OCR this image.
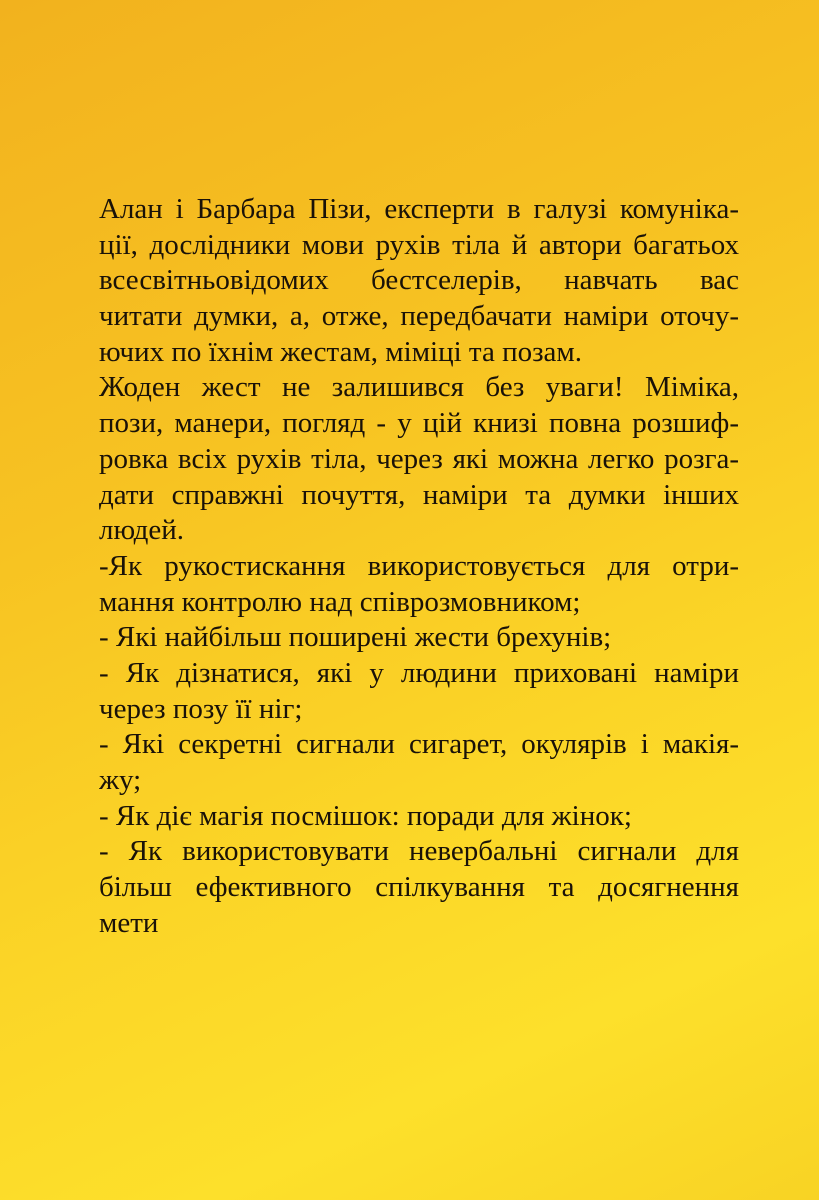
Алан і Барбара Пізи, експерти в галузі комуніка-
ції, дослідники мови рухів тіла й автори багатьох
всесвітньовідомих бестселерів, навчать вас
читати думки, а, отже, передбачати наміри оточу-
ючих по їхнім жестам, міміці та позам.
Жоден жест не залишився без уваги! Міміка,
пози, манери, погляд - у цій книзі повна розшиф-
ровка всіх рухів тіла, через які можна легко розга-
дати справжні почуття, наміри та думки інших
людей.
-Як рукостискання використовується для отри-
мання контролю над співрозмовником;
- Які найбільш поширені жести брехунів;
- Як дізнатися, які у людини приховані наміри
через позу її ніг;
- Які секретні сигнали сигарет, окулярів і макія-
жу;
- Як діє магія посмішок: поради для жінок;
- Як використовувати невербальні сигнали для
більш ефективного спілкування та досягнення
мети
